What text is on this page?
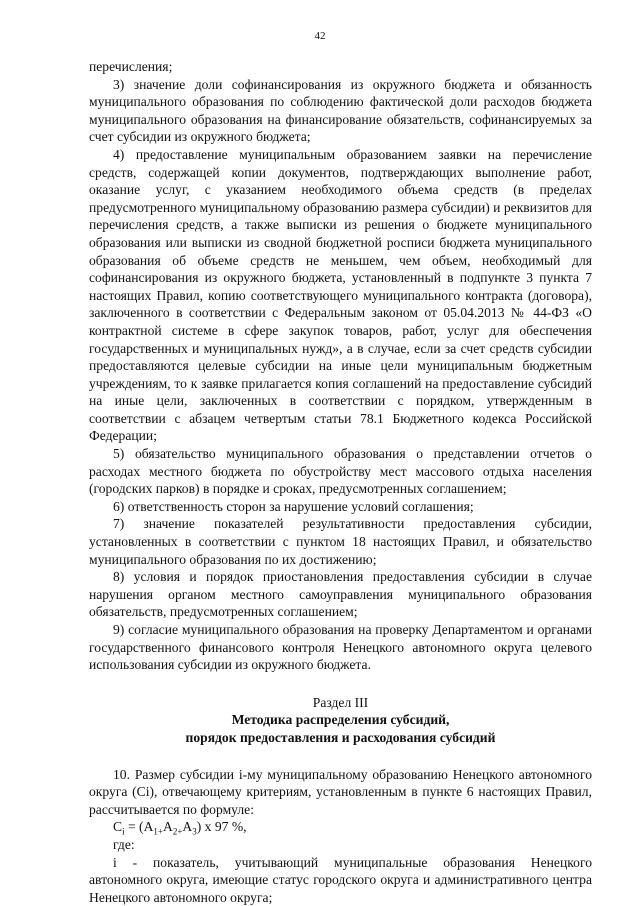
42

перечисления;

3) значение доли софинансирования из окружного бюджета и обязанность муниципального образования по соблюдению фактической доли расходов бюджета муниципального образования на финансирование обязательств, софинансируемых за счет субсидии из окружного бюджета;

4) предоставление муниципальным образованием заявки на перечисление средств, содержащей копии документов, подтверждающих выполнение работ, оказание услуг, с указанием необходимого объема средств (в пределах предусмотренного муниципальному образованию размера субсидии) и реквизитов для перечисления средств, а также выписки из решения о бюджете муниципального образования или выписки из сводной бюджетной росписи бюджета муниципального образования об объеме средств не меньшем, чем объем, необходимый для софинансирования из окружного бюджета, установленный в подпункте 3 пункта 7 настоящих Правил, копию соответствующего муниципального контракта (договора), заключенного в соответствии с Федеральным законом от 05.04.2013 № 44-ФЗ «О контрактной системе в сфере закупок товаров, работ, услуг для обеспечения государственных и муниципальных нужд», а в случае, если за счет средств субсидии предоставляются целевые субсидии на иные цели муниципальным бюджетным учреждениям, то к заявке прилагается копия соглашений на предоставление субсидий на иные цели, заключенных в соответствии с порядком, утвержденным в соответствии с абзацем четвертым статьи 78.1 Бюджетного кодекса Российской Федерации;

5) обязательство муниципального образования о представлении отчетов о расходах местного бюджета по обустройству мест массового отдыха населения (городских парков) в порядке и сроках, предусмотренных соглашением;

6) ответственность сторон за нарушение условий соглашения;

7) значение показателей результативности предоставления субсидии, установленных в соответствии с пунктом 18 настоящих Правил, и обязательство муниципального образования по их достижению;

8) условия и порядок приостановления предоставления субсидии в случае нарушения органом местного самоуправления муниципального образования обязательств, предусмотренных соглашением;

9) согласие муниципального образования на проверку Департаментом и органами государственного финансового контроля Ненецкого автономного округа целевого использования субсидии из окружного бюджета.

Раздел III
Методика распределения субсидий,
порядок предоставления и расходования субсидий

10. Размер субсидии i-му муниципальному образованию Ненецкого автономного округа (Ci), отвечающему критериям, установленным в пункте 6 настоящих Правил, рассчитывается по формуле:

$C_i = (A_{1+}A_{2+}A_3)$ x 97 %,

где:

i - показатель, учитывающий муниципальные образования Ненецкого автономного округа, имеющие статус городского округа и административного центра Ненецкого автономного округа;
